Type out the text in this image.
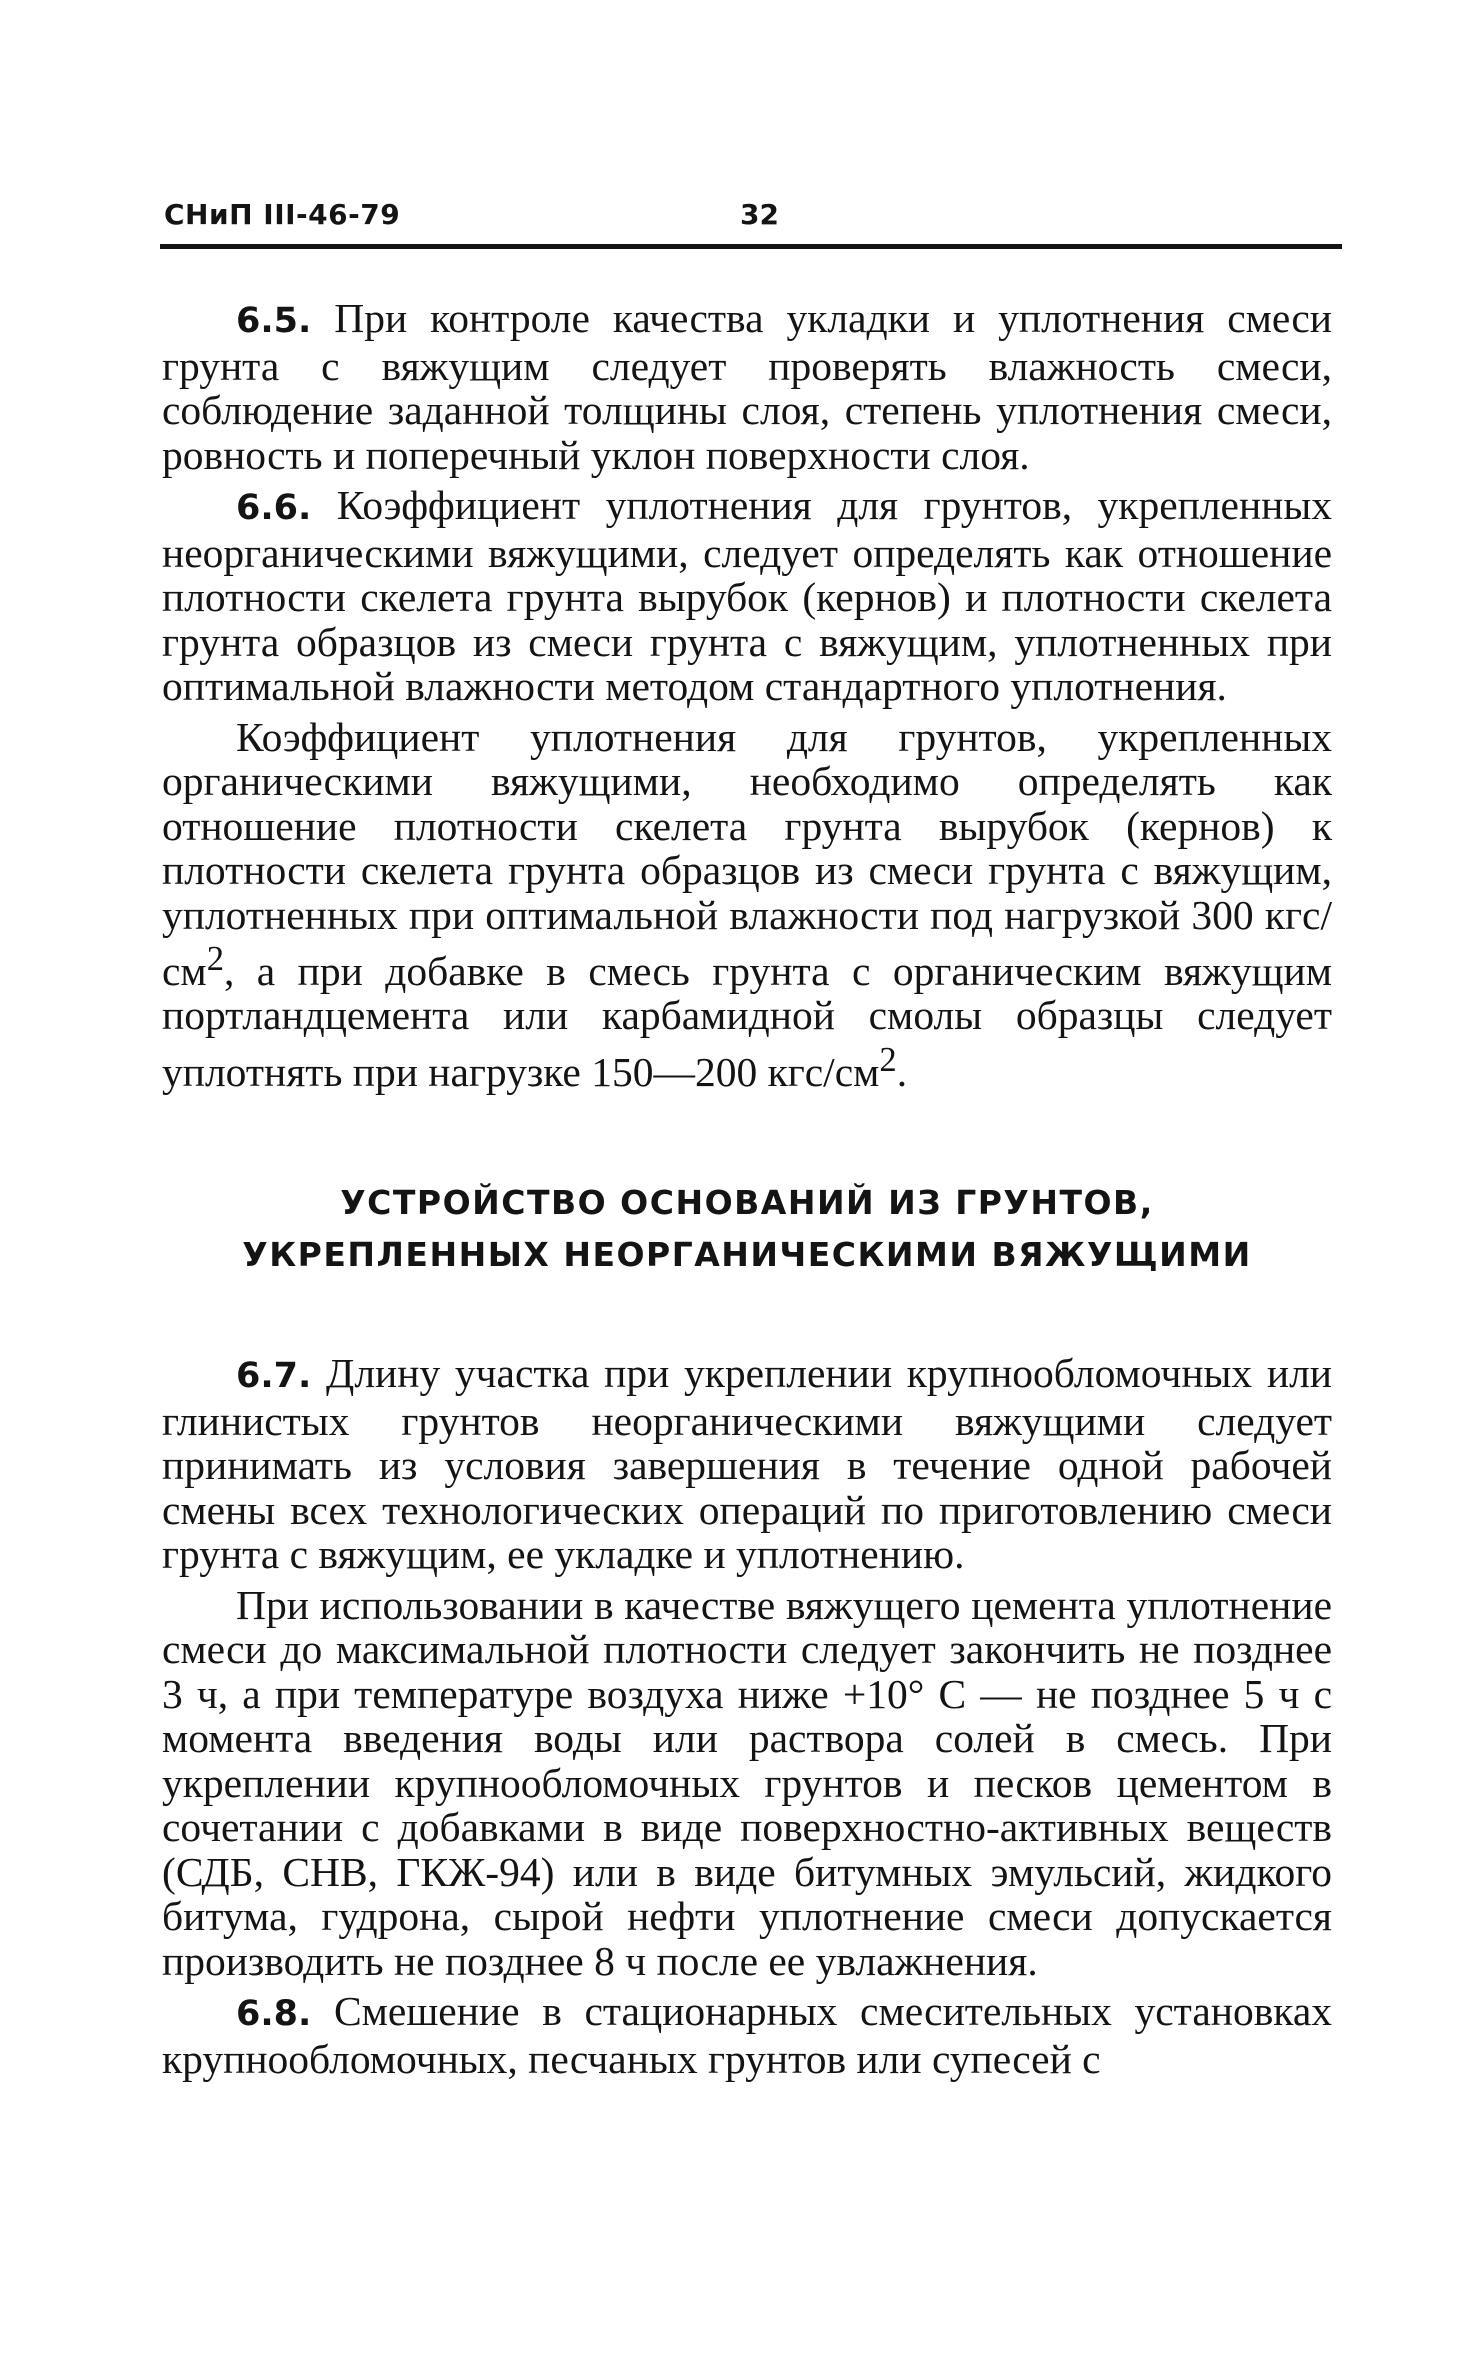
СНиП III-46-79	32

6.5. При контроле качества укладки и уплотнения смеси грунта с вяжущим следует проверять влажность смеси, соблюдение заданной толщины слоя, степень уплотнения смеси, ровность и поперечный уклон поверхности слоя.

6.6. Коэффициент уплотнения для грунтов, укрепленных неорганическими вяжущими, следует определять как отношение плотности скелета грунта вырубок (кернов) и плотности скелета грунта образцов из смеси грунта с вяжущим, уплотненных при оптимальной влажности методом стандартного уплотнения.

Коэффициент уплотнения для грунтов, укрепленных органическими вяжущими, необходимо определять как отношение плотности скелета грунта вырубок (кернов) к плотности скелета грунта образцов из смеси грунта с вяжущим, уплотненных при оптимальной влажности под нагрузкой 300 кгс/$см^2$, а при добавке в смесь грунта с органическим вяжущим портландцемента или карбамидной смолы образцы следует уплотнять при нагрузке 150—200 кгс/$см^2$.

УСТРОЙСТВО ОСНОВАНИЙ ИЗ ГРУНТОВ,
УКРЕПЛЕННЫХ НЕОРГАНИЧЕСКИМИ ВЯЖУЩИМИ

6.7. Длину участка при укреплении крупнообломочных или глинистых грунтов неорганическими вяжущими следует принимать из условия завершения в течение одной рабочей смены всех технологических операций по приготовлению смеси грунта с вяжущим, ее укладке и уплотнению.

При использовании в качестве вяжущего цемента уплотнение смеси до максимальной плотности следует закончить не позднее 3 ч, а при температуре воздуха ниже +10° С — не позднее 5 ч с момента введения воды или раствора солей в смесь. При укреплении крупнообломочных грунтов и песков цементом в сочетании с добавками в виде поверхностно-активных веществ (СДБ, СНВ, ГКЖ-94) или в виде битумных эмульсий, жидкого битума, гудрона, сырой нефти уплотнение смеси допускается производить не позднее 8 ч после ее увлажнения.

6.8. Смешение в стационарных смесительных установках крупнообломочных, песчаных грунтов или супесей с
